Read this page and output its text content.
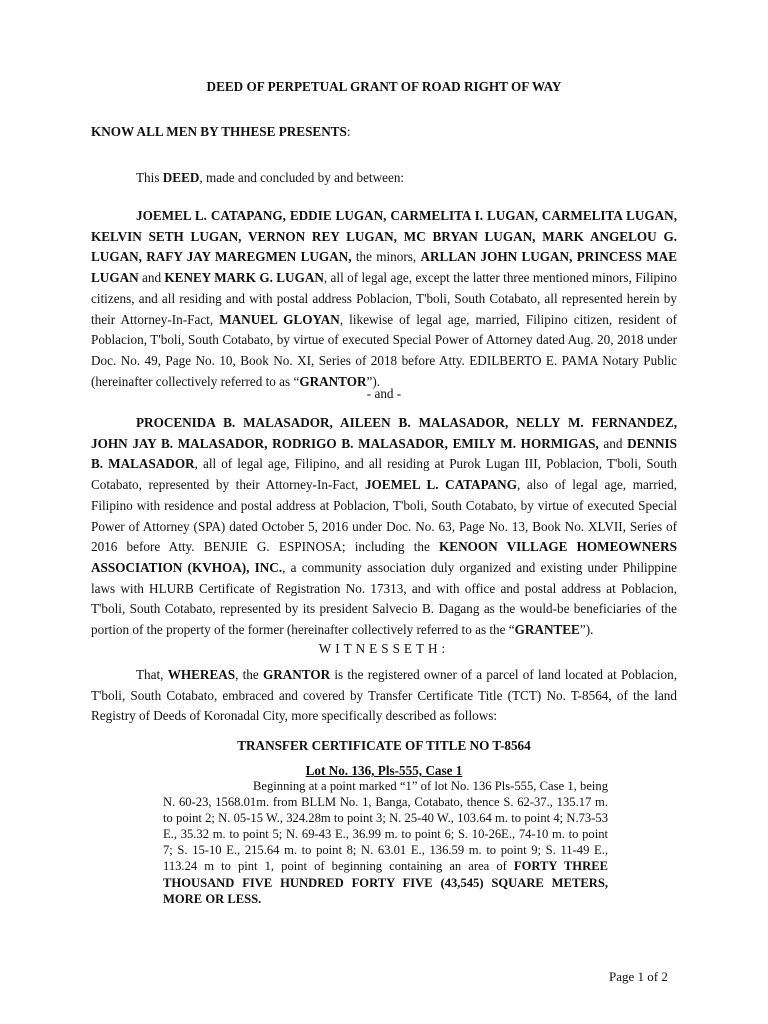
DEED OF PERPETUAL GRANT OF ROAD RIGHT OF WAY
KNOW ALL MEN BY THHESE PRESENTS:
This DEED, made and concluded by and between:

JOEMEL L. CATAPANG, EDDIE LUGAN, CARMELITA I. LUGAN, CARMELITA LUGAN, KELVIN SETH LUGAN, VERNON REY LUGAN, MC BRYAN LUGAN, MARK ANGELOU G. LUGAN, RAFY JAY MAREGMEN LUGAN, the minors, ARLLAN JOHN LUGAN, PRINCESS MAE LUGAN and KENEY MARK G. LUGAN, all of legal age, except the latter three mentioned minors, Filipino citizens, and all residing and with postal address Poblacion, T'boli, South Cotabato, all represented herein by their Attorney-In-Fact, MANUEL GLOYAN, likewise of legal age, married, Filipino citizen, resident of Poblacion, T'boli, South Cotabato, by virtue of executed Special Power of Attorney dated Aug. 20, 2018 under Doc. No. 49, Page No. 10, Book No. XI, Series of 2018 before Atty. EDILBERTO E. PAMA Notary Public (hereinafter collectively referred to as “GRANTOR”).

- and -

PROCENIDA B. MALASADOR, AILEEN B. MALASADOR, NELLY M. FERNANDEZ, JOHN JAY B. MALASADOR, RODRIGO B. MALASADOR, EMILY M. HORMIGAS, and DENNIS B. MALASADOR, all of legal age, Filipino, and all residing at Purok Lugan III, Poblacion, T'boli, South Cotabato, represented by their Attorney-In-Fact, JOEMEL L. CATAPANG, also of legal age, married, Filipino with residence and postal address at Poblacion, T'boli, South Cotabato, by virtue of executed Special Power of Attorney (SPA) dated October 5, 2016 under Doc. No. 63, Page No. 13, Book No. XLVII, Series of 2016 before Atty. BENJIE G. ESPINOSA; including the KENOON VILLAGE HOMEOWNERS ASSOCIATION (KVHOA), INC., a community association duly organized and existing under Philippine laws with HLURB Certificate of Registration No. 17313, and with office and postal address at Poblacion, T'boli, South Cotabato, represented by its president Salvecio B. Dagang as the would-be beneficiaries of the portion of the property of the former (hereinafter collectively referred to as the “GRANTEE”).

WITNESSETH:

That, WHEREAS, the GRANTOR is the registered owner of a parcel of land located at Poblacion, T'boli, South Cotabato, embraced and covered by Transfer Certificate Title (TCT) No. T-8564, of the land Registry of Deeds of Koronadal City, more specifically described as follows:

TRANSFER CERTIFICATE OF TITLE NO T-8564
Lot No. 136, Pls-555, Case 1

Beginning at a point marked “1” of lot No. 136 Pls-555, Case 1, being N. 60-23, 1568.01m. from BLLM No. 1, Banga, Cotabato, thence S. 62-37., 135.17 m. to point 2; N. 05-15 W., 324.28m to point 3; N. 25-40 W., 103.64 m. to point 4; N.73-53 E., 35.32 m. to point 5; N. 69-43 E., 36.99 m. to point 6; S. 10-26E., 74-10 m. to point 7; S. 15-10 E., 215.64 m. to point 8; N. 63.01 E., 136.59 m. to point 9; S. 11-49 E., 113.24 m to pint 1, point of beginning containing an area of FORTY THREE THOUSAND FIVE HUNDRED FORTY FIVE (43,545) SQUARE METERS, MORE OR LESS.

Page 1 of 2
